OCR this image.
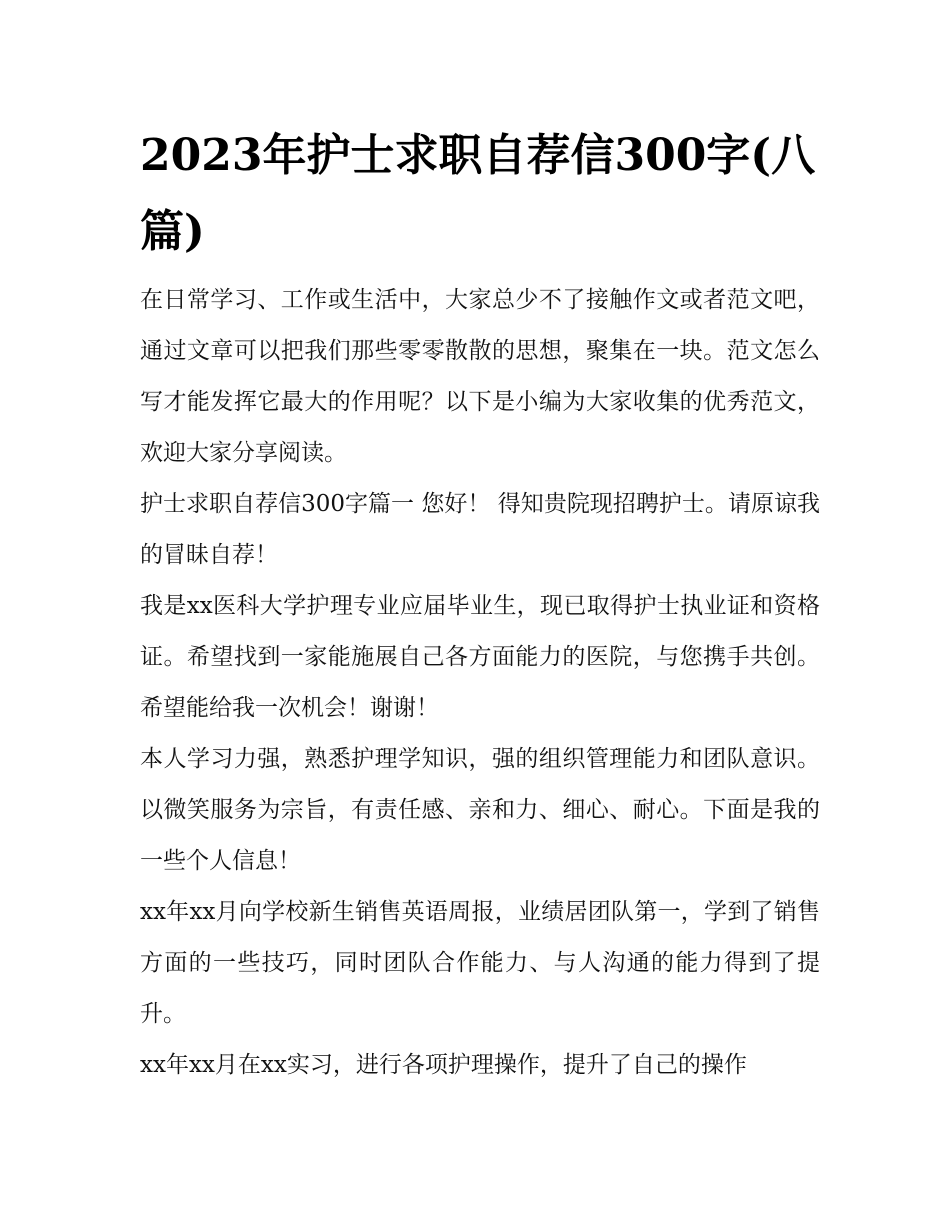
2023年护士求职自荐信300字(八篇)

在日常学习、工作或生活中，大家总少不了接触作文或者范文吧，通过文章可以把我们那些零零散散的思想，聚集在一块。范文怎么写才能发挥它最大的作用呢？以下是小编为大家收集的优秀范文，欢迎大家分享阅读。

护士求职自荐信300字篇一 您好！ 得知贵院现招聘护士。请原谅我的冒昧自荐！

我是xx医科大学护理专业应届毕业生，现已取得护士执业证和资格证。希望找到一家能施展自己各方面能力的医院，与您携手共创。希望能给我一次机会！谢谢！

本人学习力强，熟悉护理学知识，强的组织管理能力和团队意识。以微笑服务为宗旨，有责任感、亲和力、细心、耐心。下面是我的一些个人信息！

xx年xx月向学校新生销售英语周报，业绩居团队第一，学到了销售方面的一些技巧，同时团队合作能力、与人沟通的能力得到了提升。

xx年xx月在xx实习，进行各项护理操作，提升了自己的操作
